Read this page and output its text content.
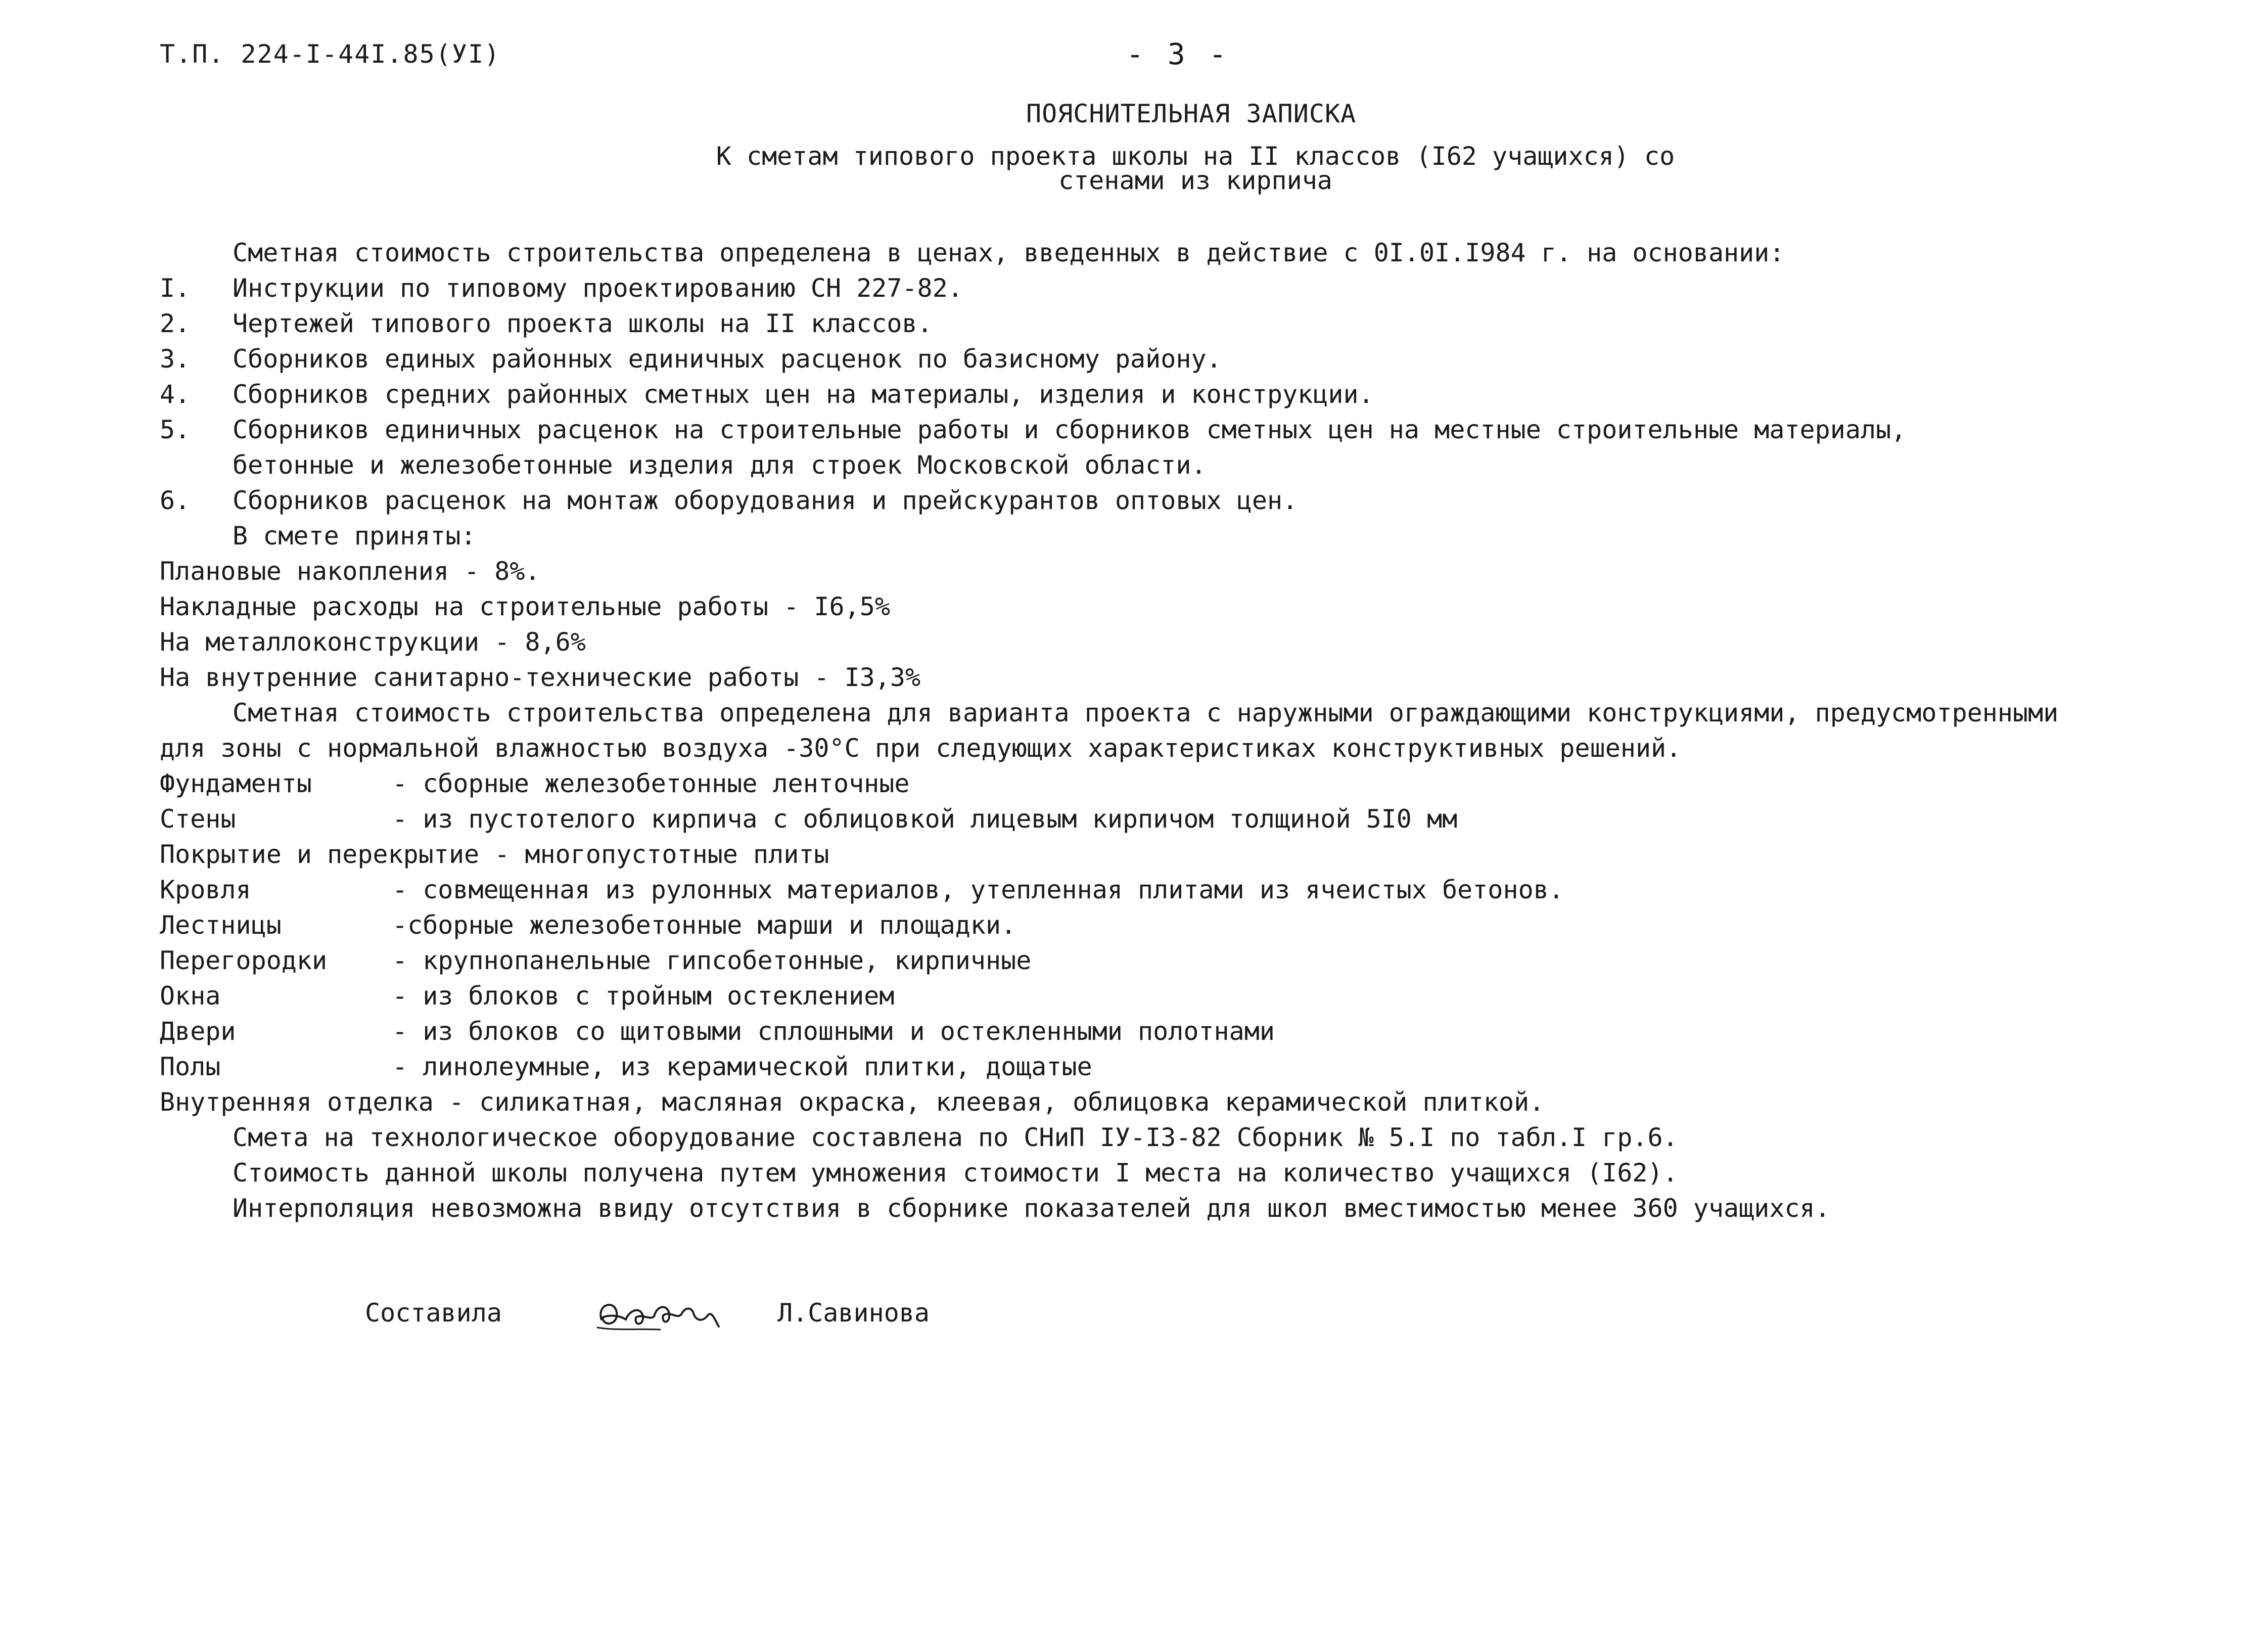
Т.П. 224-I-44I.85(УI)	- 3 -
ПОЯСНИТЕЛЬНАЯ ЗАПИСКА
К сметам типового проекта школы на II классов (I62 учащихся) со стенами из кирпича
Сметная стоимость строительства определена в ценах, введенных в действие с 0I.0I.I984 г. на основании:
I.	Инструкции по типовому проектированию СН 227-82.
2.	Чертежей типового проекта школы на II классов.
3.	Сборников единых районных единичных расценок по базисному району.
4.	Сборников средних районных сметных цен на материалы, изделия и конструкции.
5.	Сборников единичных расценок на строительные работы и сборников сметных цен на местные строительные материалы, бетонные и железобетонные изделия для строек Московской области.
6.	Сборников расценок на монтаж оборудования и прейскурантов оптовых цен.
В смете приняты:
Плановые накопления - 8%.
Накладные расходы на строительные работы - I6,5%
На металлоконструкции - 8,6%
На внутренние санитарно-технические работы - I3,3%
Сметная стоимость строительства определена для варианта проекта с наружными ограждающими конструкциями, предусмотренными для зоны с нормальной влажностью воздуха -30°С при следующих характеристиках конструктивных решений.
Фундаменты	- сборные железобетонные ленточные
Стены	- из пустотелого кирпича с облицовкой лицевым кирпичом толщиной 5I0 мм
Покрытие и перекрытие - многопустотные плиты
Кровля	- совмещенная из рулонных материалов, утепленная плитами из ячеистых бетонов.
Лестницы	-сборные железобетонные марши и площадки.
Перегородки	- крупнопанельные гипсобетонные, кирпичные
Окна	- из блоков с тройным остеклением
Двери	- из блоков со щитовыми сплошными и остекленными полотнами
Полы	- линолеумные, из керамической плитки, дощатые
Внутренняя отделка - силикатная, масляная окраска, клеевая, облицовка керамической плиткой.
Смета на технологическое оборудование составлена по СНиП IУ-I3-82 Сборник № 5.I по табл.I гр.6.
Стоимость данной школы получена путем умножения стоимости I места на количество учащихся (I62).
Интерполяция невозможна ввиду отсутствия в сборнике показателей для школ вместимостью менее 360 учащихся.
Составила	Л.Савинова
